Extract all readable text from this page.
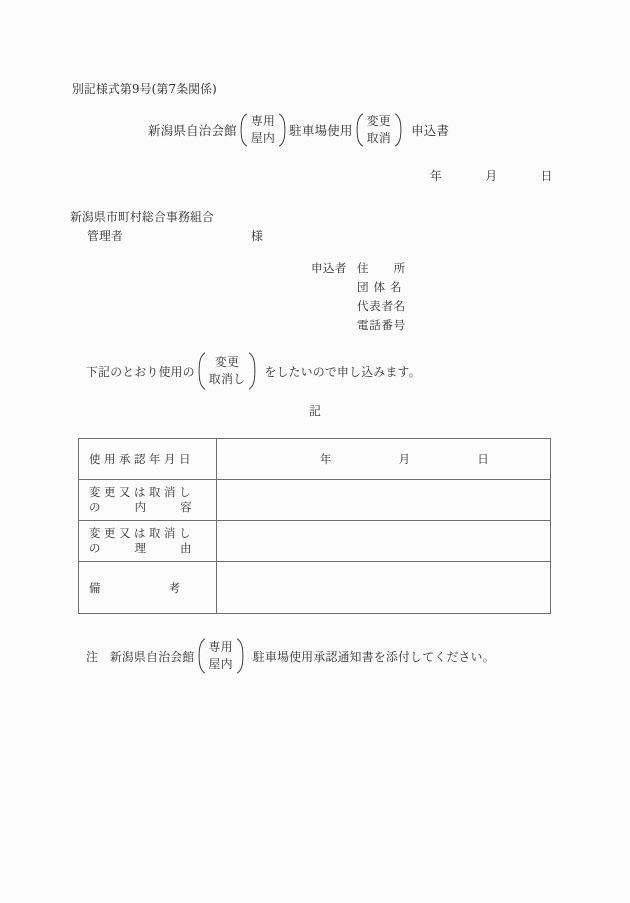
別記様式第9号(第7条関係)
新潟県自治会館
専用
屋内 駐車場使用
変更
取消 申込書
年	月	日
新潟県市町村総合事務組合
管理者	様
申込者 住　　所
団 体 名
代表者名
電話番号
下記のとおり使用の
変更
取消し
をしたいので申し込みます。
記
使 用 承 認 年 月 日	年 月 日

変 更 又 は 取 消 し
の　　　内　　　容	

変 更 又 は 取 消 し
の　　　理　　　由	

備　　　　　　考	

注 新潟県自治会館
専用
屋内
駐車場使用承認通知書を添付してください。
